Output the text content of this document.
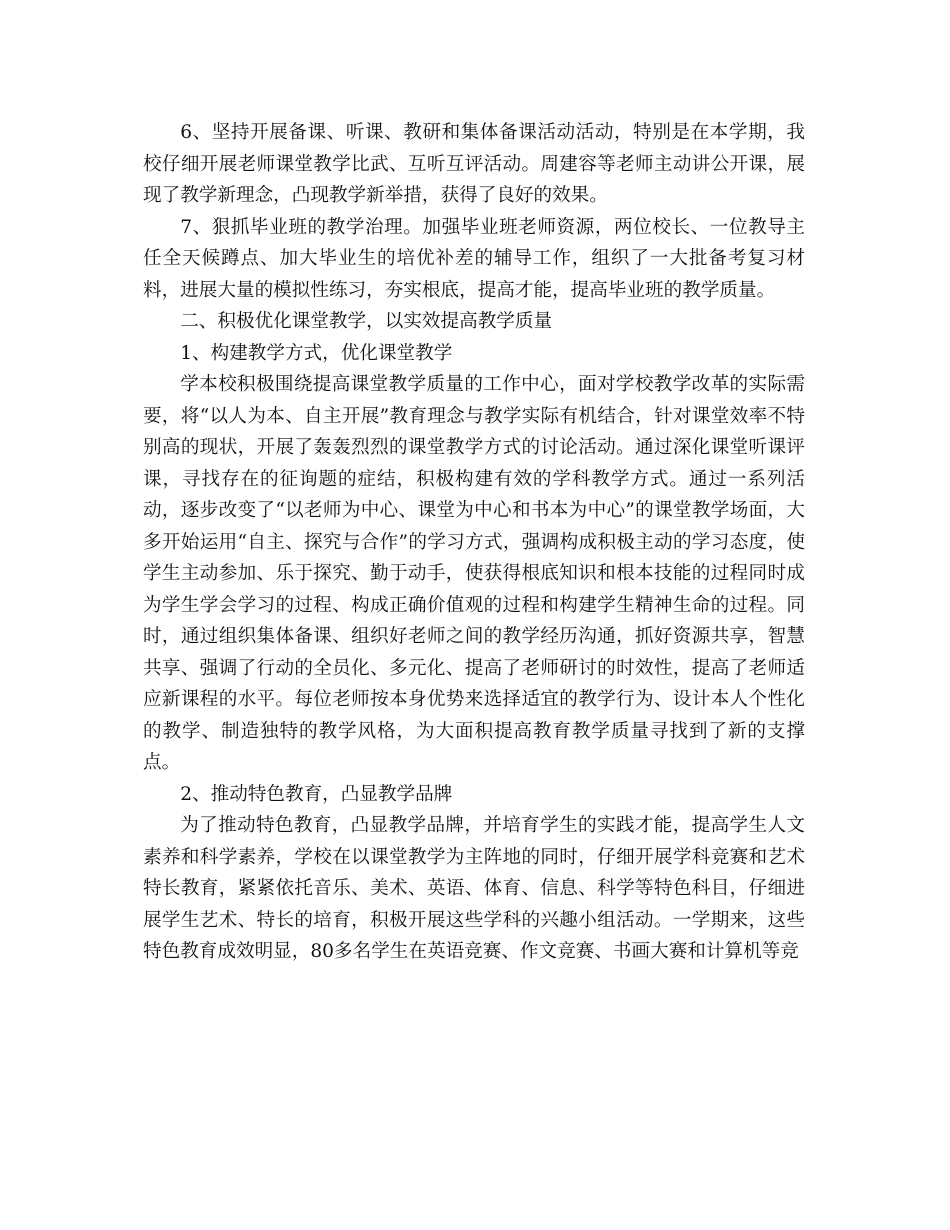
6、坚持开展备课、听课、教研和集体备课活动活动，特别是在本学期，我校仔细开展老师课堂教学比武、互听互评活动。周建容等老师主动讲公开课，展现了教学新理念，凸现教学新举措，获得了良好的效果。

7、狠抓毕业班的教学治理。加强毕业班老师资源，两位校长、一位教导主任全天候蹲点、加大毕业生的培优补差的辅导工作，组织了一大批备考复习材料，进展大量的模拟性练习，夯实根底，提高才能，提高毕业班的教学质量。

二、积极优化课堂教学，以实效提高教学质量

1、构建教学方式，优化课堂教学

学本校积极围绕提高课堂教学质量的工作中心，面对学校教学改革的实际需要，将“以人为本、自主开展”教育理念与教学实际有机结合，针对课堂效率不特别高的现状，开展了轰轰烈烈的课堂教学方式的讨论活动。通过深化课堂听课评课，寻找存在的征询题的症结，积极构建有效的学科教学方式。通过一系列活动，逐步改变了“以老师为中心、课堂为中心和书本为中心”的课堂教学场面，大多开始运用“自主、探究与合作”的学习方式，强调构成积极主动的学习态度，使学生主动参加、乐于探究、勤于动手，使获得根底知识和根本技能的过程同时成为学生学会学习的过程、构成正确价值观的过程和构建学生精神生命的过程。同时，通过组织集体备课、组织好老师之间的教学经历沟通，抓好资源共享，智慧共享、强调了行动的全员化、多元化、提高了老师研讨的时效性，提高了老师适应新课程的水平。每位老师按本身优势来选择适宜的教学行为、设计本人个性化的教学、制造独特的教学风格，为大面积提高教育教学质量寻找到了新的支撑点。

2、推动特色教育，凸显教学品牌

为了推动特色教育，凸显教学品牌，并培育学生的实践才能，提高学生人文素养和科学素养，学校在以课堂教学为主阵地的同时，仔细开展学科竞赛和艺术特长教育，紧紧依托音乐、美术、英语、体育、信息、科学等特色科目，仔细进展学生艺术、特长的培育，积极开展这些学科的兴趣小组活动。一学期来，这些特色教育成效明显，80多名学生在英语竞赛、作文竞赛、书画大赛和计算机等竞
